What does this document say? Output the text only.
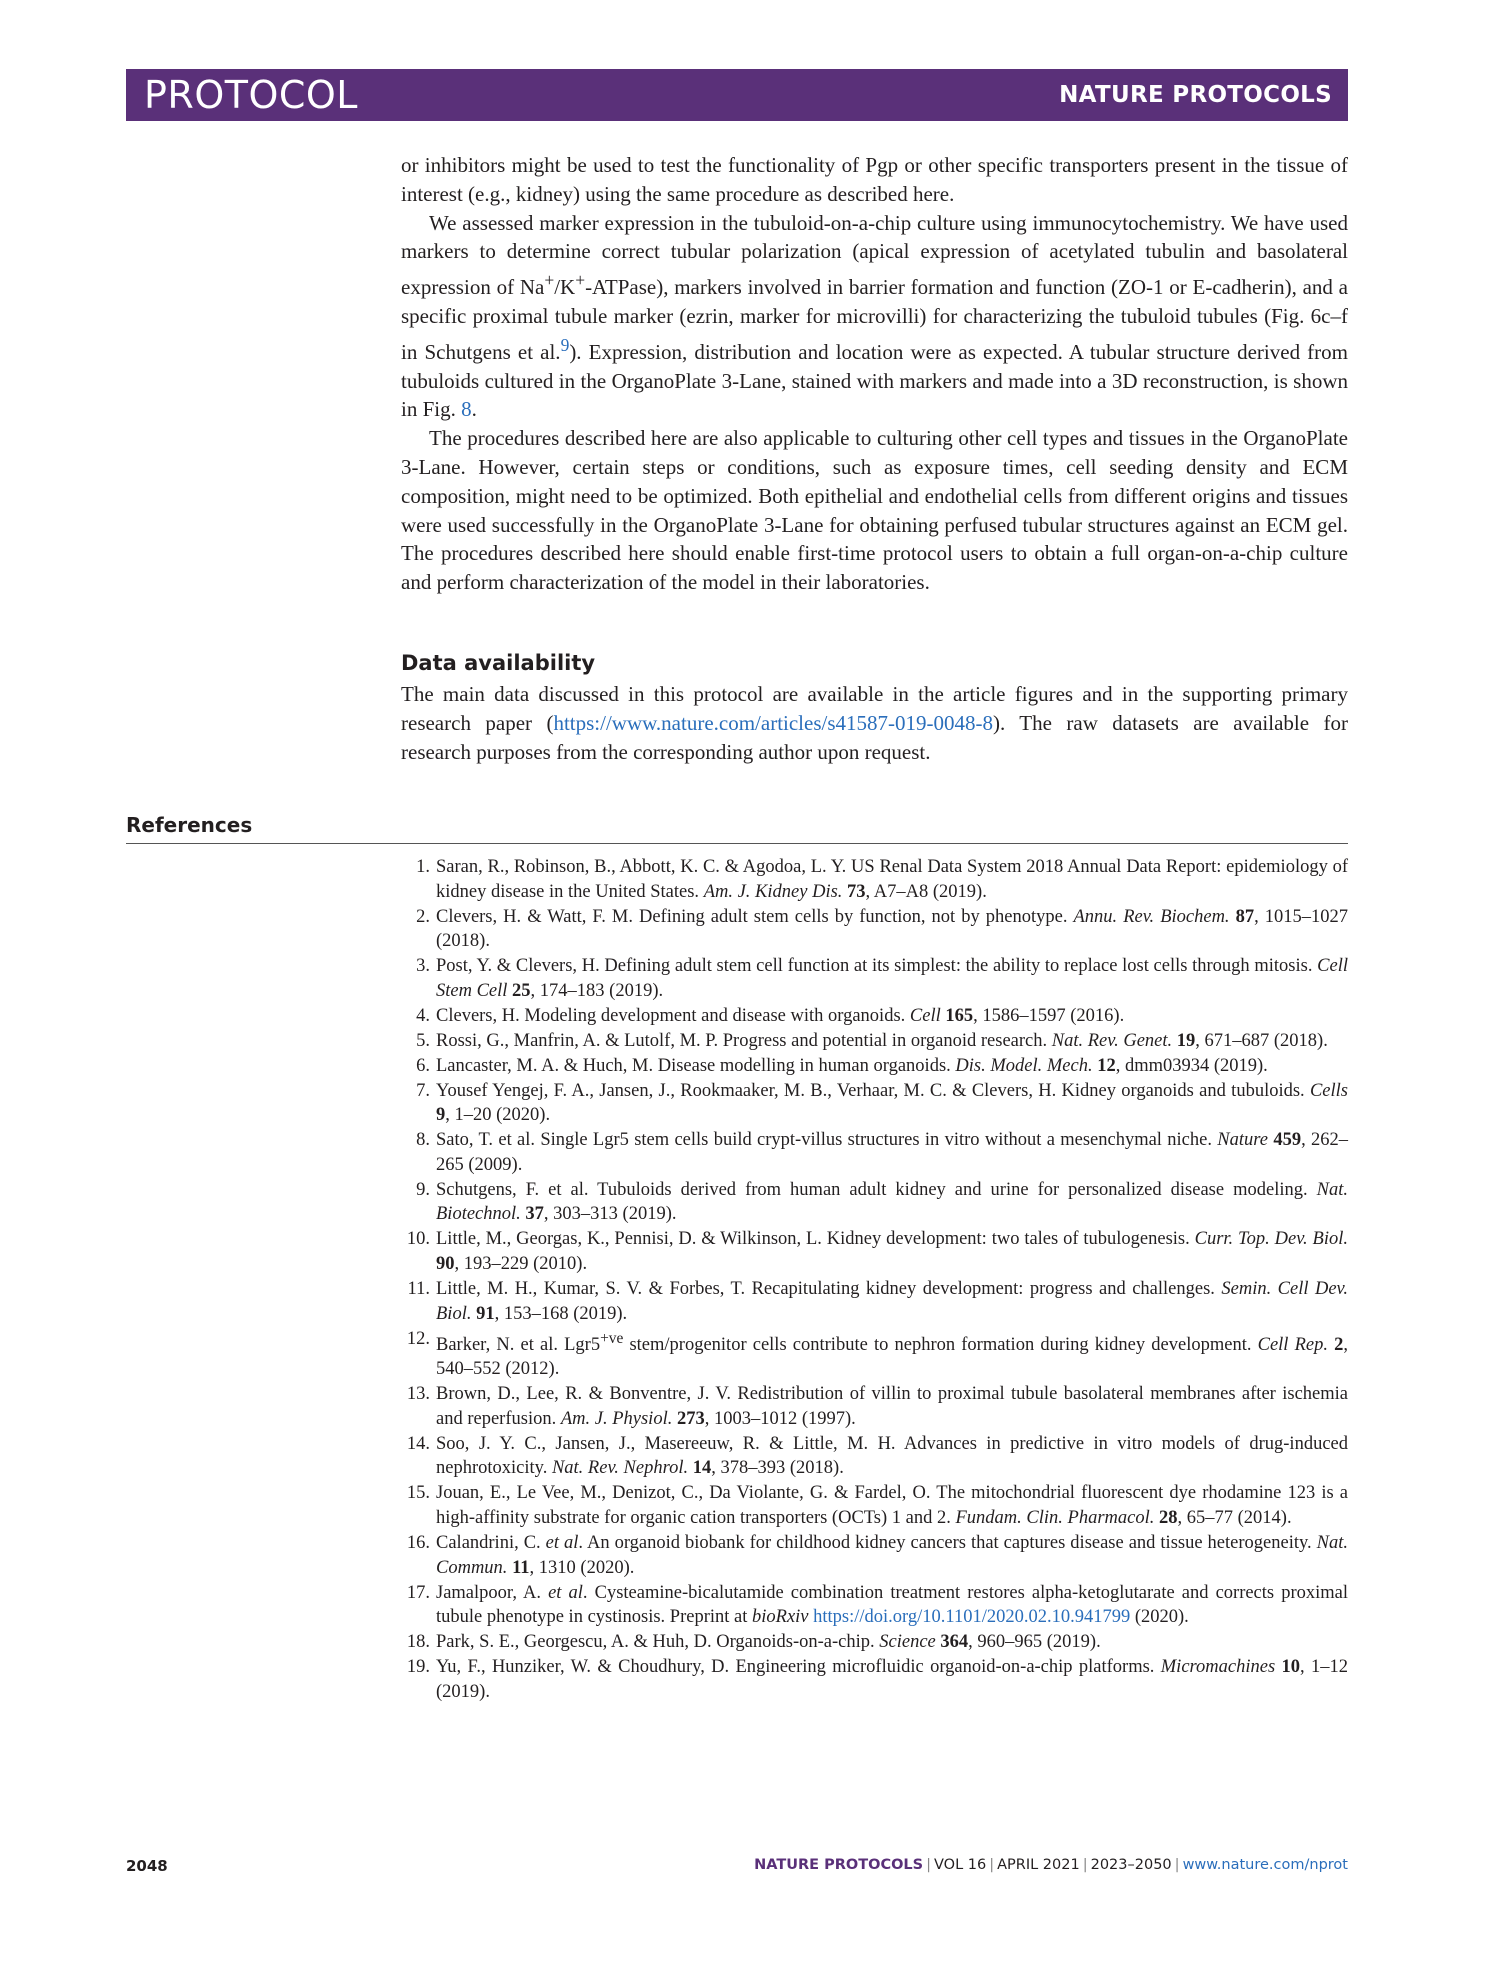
PROTOCOL	NATURE PROTOCOLS

or inhibitors might be used to test the functionality of Pgp or other specific transporters present in the tissue of interest (e.g., kidney) using the same procedure as described here.

We assessed marker expression in the tubuloid-on-a-chip culture using immunocytochemistry. We have used markers to determine correct tubular polarization (apical expression of acetylated tubulin and basolateral expression of Na+/K+-ATPase), markers involved in barrier formation and function (ZO-1 or E-cadherin), and a specific proximal tubule marker (ezrin, marker for microvilli) for characterizing the tubuloid tubules (Fig. 6c–f in Schutgens et al.$^9$). Expression, distribution and location were as expected. A tubular structure derived from tubuloids cultured in the OrganoPlate 3-Lane, stained with markers and made into a 3D reconstruction, is shown in Fig. 8.

The procedures described here are also applicable to culturing other cell types and tissues in the OrganoPlate 3-Lane. However, certain steps or conditions, such as exposure times, cell seeding density and ECM composition, might need to be optimized. Both epithelial and endothelial cells from different origins and tissues were used successfully in the OrganoPlate 3-Lane for obtaining perfused tubular structures against an ECM gel. The procedures described here should enable first-time protocol users to obtain a full organ-on-a-chip culture and perform characterization of the model in their laboratories.

Data availability

The main data discussed in this protocol are available in the article figures and in the supporting primary research paper (https://www.nature.com/articles/s41587-019-0048-8). The raw datasets are available for research purposes from the corresponding author upon request.

References
1. Saran, R., Robinson, B., Abbott, K. C. & Agodoa, L. Y. US Renal Data System 2018 Annual Data Report: epidemiology of kidney disease in the United States. Am. J. Kidney Dis. 73, A7–A8 (2019).
2. Clevers, H. & Watt, F. M. Defining adult stem cells by function, not by phenotype. Annu. Rev. Biochem. 87, 1015–1027 (2018).
3. Post, Y. & Clevers, H. Defining adult stem cell function at its simplest: the ability to replace lost cells through mitosis. Cell Stem Cell 25, 174–183 (2019).
4. Clevers, H. Modeling development and disease with organoids. Cell 165, 1586–1597 (2016).
5. Rossi, G., Manfrin, A. & Lutolf, M. P. Progress and potential in organoid research. Nat. Rev. Genet. 19, 671–687 (2018).
6. Lancaster, M. A. & Huch, M. Disease modelling in human organoids. Dis. Model. Mech. 12, dmm03934 (2019).
7. Yousef Yengej, F. A., Jansen, J., Rookmaaker, M. B., Verhaar, M. C. & Clevers, H. Kidney organoids and tubuloids. Cells 9, 1–20 (2020).
8. Sato, T. et al. Single Lgr5 stem cells build crypt-villus structures in vitro without a mesenchymal niche. Nature 459, 262–265 (2009).
9. Schutgens, F. et al. Tubuloids derived from human adult kidney and urine for personalized disease modeling. Nat. Biotechnol. 37, 303–313 (2019).
10. Little, M., Georgas, K., Pennisi, D. & Wilkinson, L. Kidney development: two tales of tubulogenesis. Curr. Top. Dev. Biol. 90, 193–229 (2010).
11. Little, M. H., Kumar, S. V. & Forbes, T. Recapitulating kidney development: progress and challenges. Semin. Cell Dev. Biol. 91, 153–168 (2019).
12. Barker, N. et al. $Lgr5^{+ve}$ stem/progenitor cells contribute to nephron formation during kidney development. Cell Rep. 2, 540–552 (2012).
13. Brown, D., Lee, R. & Bonventre, J. V. Redistribution of villin to proximal tubule basolateral membranes after ischemia and reperfusion. Am. J. Physiol. 273, 1003–1012 (1997).
14. Soo, J. Y. C., Jansen, J., Masereeuw, R. & Little, M. H. Advances in predictive in vitro models of drug-induced nephrotoxicity. Nat. Rev. Nephrol. 14, 378–393 (2018).
15. Jouan, E., Le Vee, M., Denizot, C., Da Violante, G. & Fardel, O. The mitochondrial fluorescent dye rhodamine 123 is a high-affinity substrate for organic cation transporters (OCTs) 1 and 2. Fundam. Clin. Pharmacol. 28, 65–77 (2014).
16. Calandrini, C. et al. An organoid biobank for childhood kidney cancers that captures disease and tissue heterogeneity. Nat. Commun. 11, 1310 (2020).
17. Jamalpoor, A. et al. Cysteamine-bicalutamide combination treatment restores alpha-ketoglutarate and corrects proximal tubule phenotype in cystinosis. Preprint at bioRxiv https://doi.org/10.1101/2020.02.10.941799 (2020).
18. Park, S. E., Georgescu, A. & Huh, D. Organoids-on-a-chip. Science 364, 960–965 (2019).
19. Yu, F., Hunziker, W. & Choudhury, D. Engineering microfluidic organoid-on-a-chip platforms. Micromachines 10, 1–12 (2019).
2048	NATURE PROTOCOLS | VOL 16 | APRIL 2021 | 2023–2050 | www.nature.com/nprot
